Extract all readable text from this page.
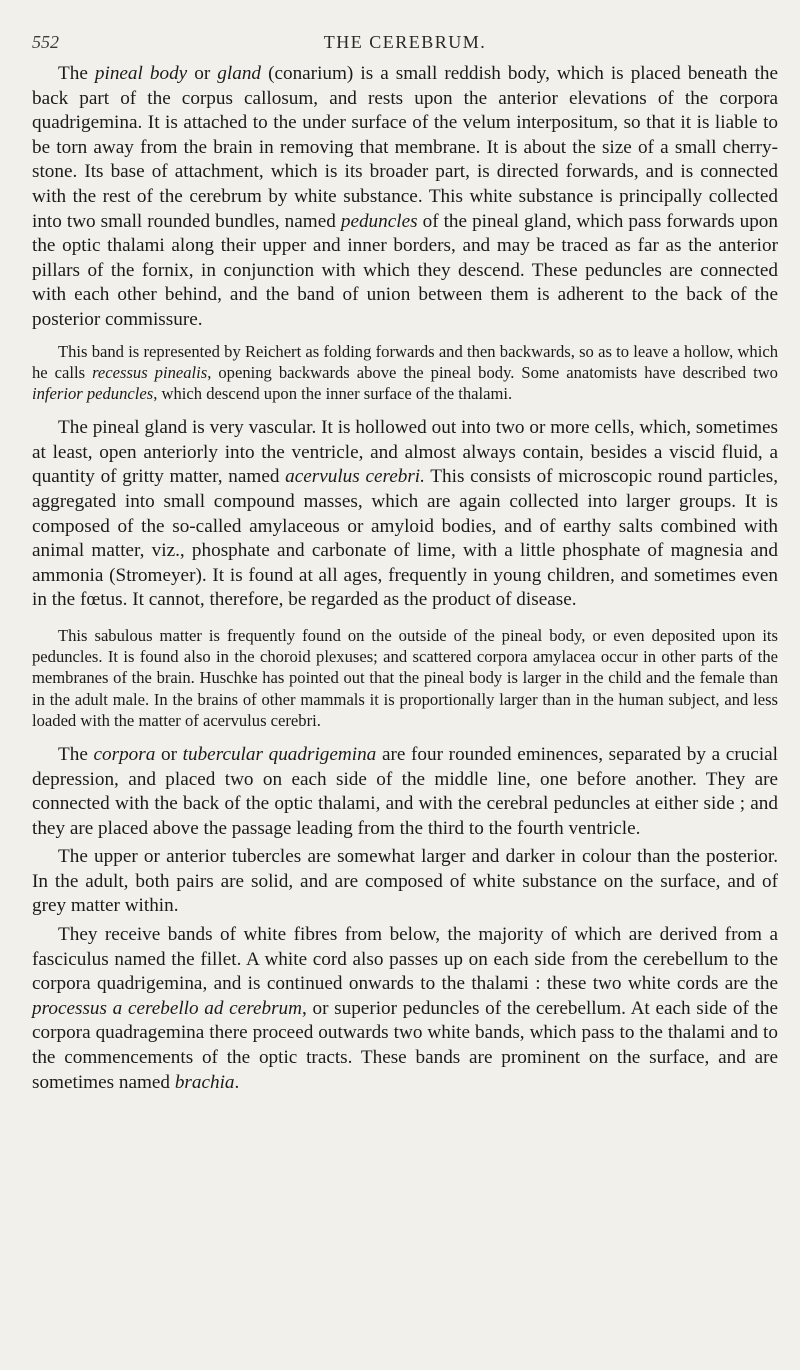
552	THE CEREBRUM.

The pineal body or gland (conarium) is a small reddish body, which is placed beneath the back part of the corpus callosum, and rests upon the anterior elevations of the corpora quadrigemina. It is attached to the under surface of the velum interpositum, so that it is liable to be torn away from the brain in removing that membrane. It is about the size of a small cherry-stone. Its base of attachment, which is its broader part, is directed forwards, and is connected with the rest of the cerebrum by white substance. This white substance is principally collected into two small rounded bundles, named peduncles of the pineal gland, which pass forwards upon the optic thalami along their upper and inner borders, and may be traced as far as the anterior pillars of the fornix, in conjunction with which they descend. These peduncles are connected with each other behind, and the band of union between them is adherent to the back of the posterior commissure.

This band is represented by Reichert as folding forwards and then backwards, so as to leave a hollow, which he calls recessus pinealis, opening backwards above the pineal body. Some anatomists have described two inferior peduncles, which descend upon the inner surface of the thalami.

The pineal gland is very vascular. It is hollowed out into two or more cells, which, sometimes at least, open anteriorly into the ventricle, and almost always contain, besides a viscid fluid, a quantity of gritty matter, named acervulus cerebri. This consists of microscopic round particles, aggregated into small compound masses, which are again collected into larger groups. It is composed of the so-called amylaceous or amyloid bodies, and of earthy salts combined with animal matter, viz., phosphate and carbonate of lime, with a little phosphate of magnesia and ammonia (Stromeyer). It is found at all ages, frequently in young children, and sometimes even in the fœtus. It cannot, therefore, be regarded as the product of disease.

This sabulous matter is frequently found on the outside of the pineal body, or even deposited upon its peduncles. It is found also in the choroid plexuses; and scattered corpora amylacea occur in other parts of the membranes of the brain. Huschke has pointed out that the pineal body is larger in the child and the female than in the adult male. In the brains of other mammals it is proportionally larger than in the human subject, and less loaded with the matter of acervulus cerebri.

The corpora or tubercular quadrigemina are four rounded eminences, separated by a crucial depression, and placed two on each side of the middle line, one before another. They are connected with the back of the optic thalami, and with the cerebral peduncles at either side ; and they are placed above the passage leading from the third to the fourth ventricle.

The upper or anterior tubercles are somewhat larger and darker in colour than the posterior. In the adult, both pairs are solid, and are composed of white substance on the surface, and of grey matter within.

They receive bands of white fibres from below, the majority of which are derived from a fasciculus named the fillet. A white cord also passes up on each side from the cerebellum to the corpora quadrigemina, and is continued onwards to the thalami : these two white cords are the processus a cerebello ad cerebrum, or superior peduncles of the cerebellum. At each side of the corpora quadragemina there proceed outwards two white bands, which pass to the thalami and to the commencements of the optic tracts. These bands are prominent on the surface, and are sometimes named brachia.
